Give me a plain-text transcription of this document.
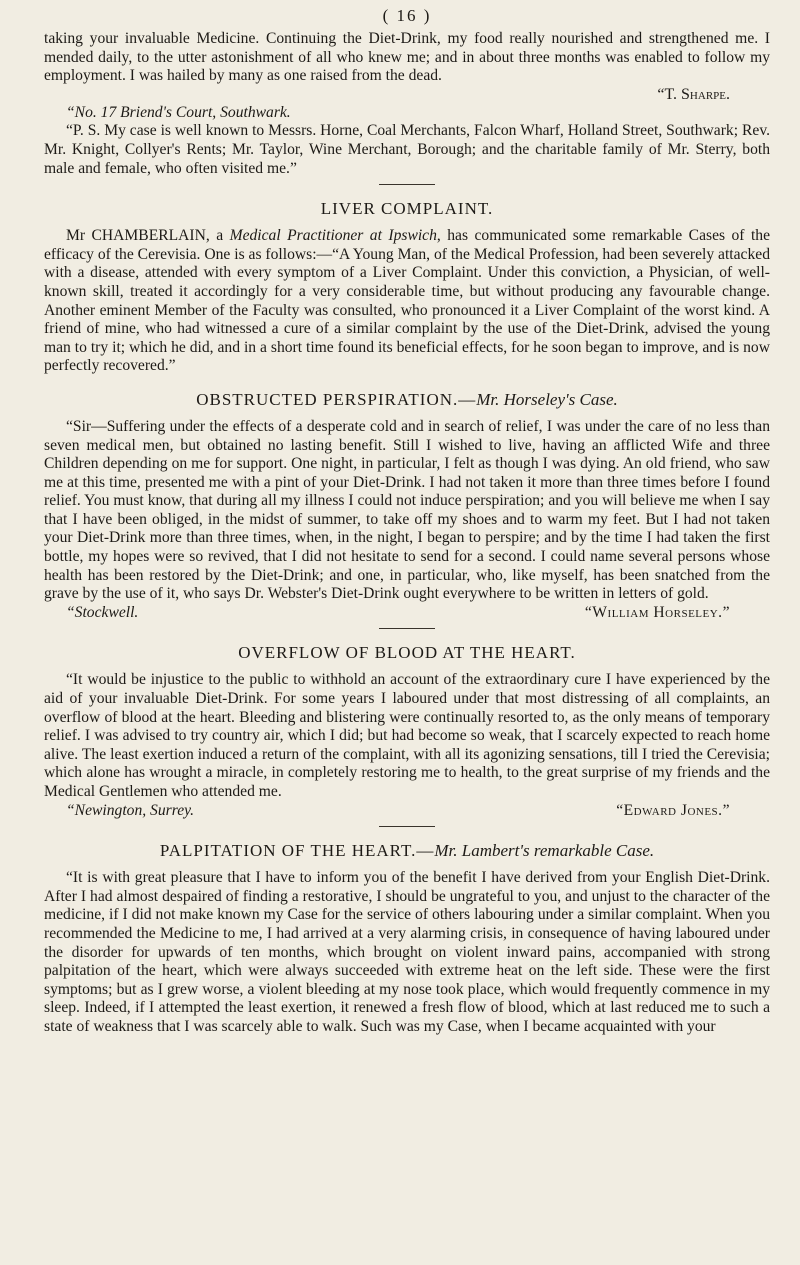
( 16 )

taking your invaluable Medicine. Continuing the Diet-Drink, my food really nourished and strengthened me. I mended daily, to the utter astonishment of all who knew me; and in about three months was enabled to follow my employment. I was hailed by many as one raised from the dead.

“T. Sharpe.
“No. 17 Briend's Court, Southwark.

“P. S. My case is well known to Messrs. Horne, Coal Merchants, Falcon Wharf, Holland Street, Southwark; Rev. Mr. Knight, Collyer's Rents; Mr. Taylor, Wine Merchant, Borough; and the charitable family of Mr. Sterry, both male and female, who often visited me.”

LIVER COMPLAINT.

Mr CHAMBERLAIN, a Medical Practitioner at Ipswich, has communicated some remarkable Cases of the efficacy of the Cerevisia. One is as follows:—“A Young Man, of the Medical Profession, had been severely attacked with a disease, attended with every symptom of a Liver Complaint. Under this conviction, a Physician, of well-known skill, treated it accordingly for a very considerable time, but without producing any favourable change. Another eminent Member of the Faculty was consulted, who pronounced it a Liver Complaint of the worst kind. A friend of mine, who had witnessed a cure of a similar complaint by the use of the Diet-Drink, advised the young man to try it; which he did, and in a short time found its beneficial effects, for he soon began to improve, and is now perfectly recovered.”

OBSTRUCTED PERSPIRATION.—Mr. Horseley's Case.

“Sir—Suffering under the effects of a desperate cold and in search of relief, I was under the care of no less than seven medical men, but obtained no lasting benefit. Still I wished to live, having an afflicted Wife and three Children depending on me for support. One night, in particular, I felt as though I was dying. An old friend, who saw me at this time, presented me with a pint of your Diet-Drink. I had not taken it more than three times before I found relief. You must know, that during all my illness I could not induce perspiration; and you will believe me when I say that I have been obliged, in the midst of summer, to take off my shoes and to warm my feet. But I had not taken your Diet-Drink more than three times, when, in the night, I began to perspire; and by the time I had taken the first bottle, my hopes were so revived, that I did not hesitate to send for a second. I could name several persons whose health has been restored by the Diet-Drink; and one, in particular, who, like myself, has been snatched from the grave by the use of it, who says Dr. Webster's Diet-Drink ought everywhere to be written in letters of gold.

“Stockwell.	“William Horseley.”
OVERFLOW OF BLOOD AT THE HEART.

“It would be injustice to the public to withhold an account of the extraordinary cure I have experienced by the aid of your invaluable Diet-Drink. For some years I laboured under that most distressing of all complaints, an overflow of blood at the heart. Bleeding and blistering were continually resorted to, as the only means of temporary relief. I was advised to try country air, which I did; but had become so weak, that I scarcely expected to reach home alive. The least exertion induced a return of the complaint, with all its agonizing sensations, till I tried the Cerevisia; which alone has wrought a miracle, in completely restoring me to health, to the great surprise of my friends and the Medical Gentlemen who attended me.

“Newington, Surrey.	“Edward Jones.”
PALPITATION OF THE HEART.—Mr. Lambert's remarkable Case.

“It is with great pleasure that I have to inform you of the benefit I have derived from your English Diet-Drink. After I had almost despaired of finding a restorative, I should be ungrateful to you, and unjust to the character of the medicine, if I did not make known my Case for the service of others labouring under a similar complaint. When you recommended the Medicine to me, I had arrived at a very alarming crisis, in consequence of having laboured under the disorder for upwards of ten months, which brought on violent inward pains, accompanied with strong palpitation of the heart, which were always succeeded with extreme heat on the left side. These were the first symptoms; but as I grew worse, a violent bleeding at my nose took place, which would frequently commence in my sleep. Indeed, if I attempted the least exertion, it renewed a fresh flow of blood, which at last reduced me to such a state of weakness that I was scarcely able to walk. Such was my Case, when I became acquainted with your
